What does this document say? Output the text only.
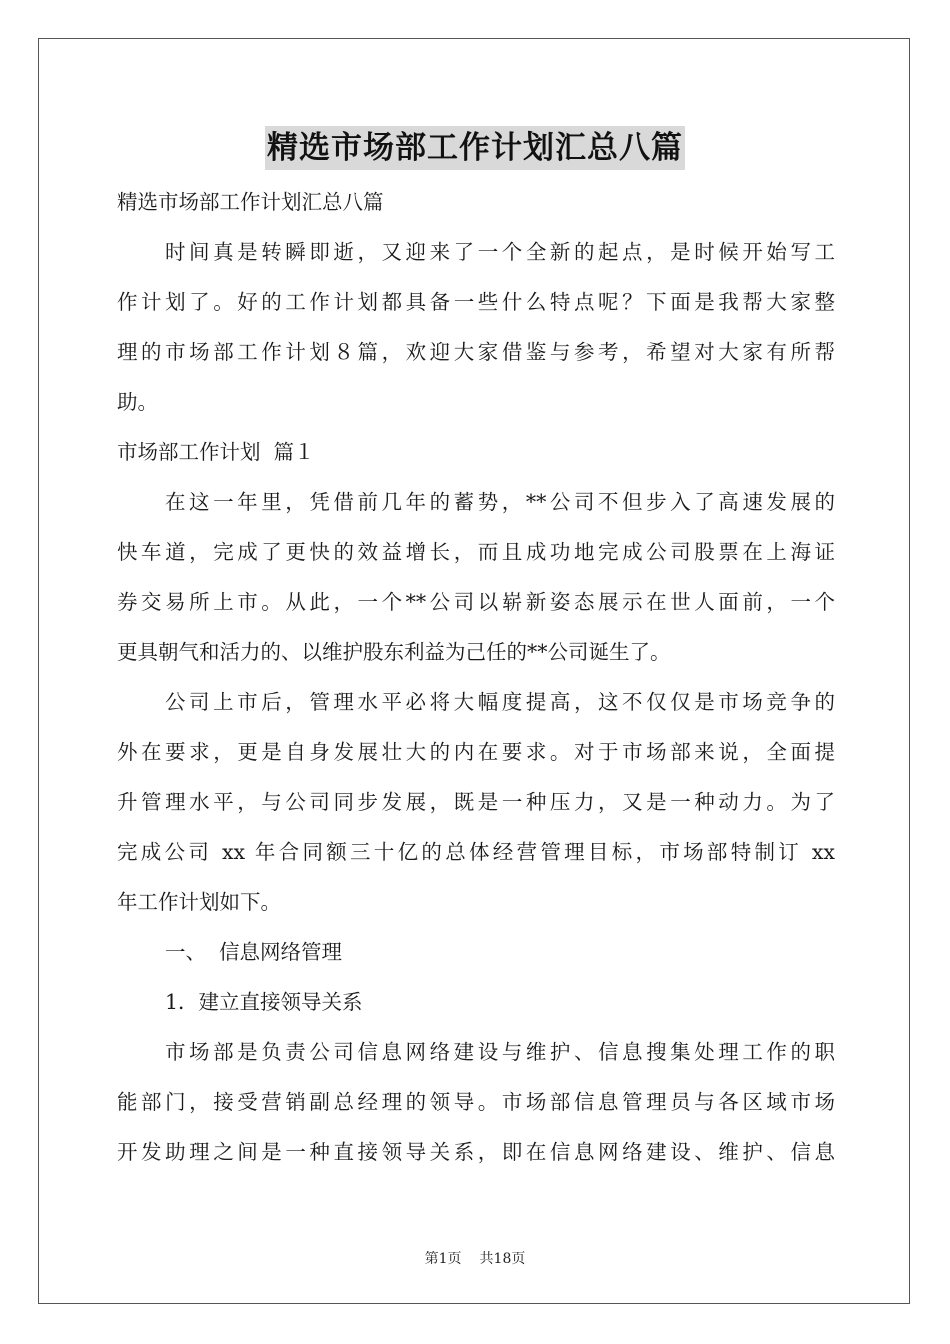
精选市场部工作计划汇总八篇
精选市场部工作计划汇总八篇
时间真是转瞬即逝，又迎来了一个全新的起点，是时候开始写工
作计划了。好的工作计划都具备一些什么特点呢？下面是我帮大家整
理的市场部工作计划８篇，欢迎大家借鉴与参考，希望对大家有所帮
助。
市场部工作计划  篇１
在这一年里，凭借前几年的蓄势，**公司不但步入了高速发展的
快车道，完成了更快的效益增长，而且成功地完成公司股票在上海证
券交易所上市。从此，一个**公司以崭新姿态展示在世人面前，一个
更具朝气和活力的、以维护股东利益为己任的**公司诞生了。
公司上市后，管理水平必将大幅度提高，这不仅仅是市场竞争的
外在要求，更是自身发展壮大的内在要求。对于市场部来说，全面提
升管理水平，与公司同步发展，既是一种压力，又是一种动力。为了
完成公司 xx 年合同额三十亿的总体经营管理目标，市场部特制订 xx
年工作计划如下。
一、  信息网络管理
1．建立直接领导关系
市场部是负责公司信息网络建设与维护、信息搜集处理工作的职
能部门，接受营销副总经理的领导。市场部信息管理员与各区域市场
开发助理之间是一种直接领导关系，即在信息网络建设、维护、信息
第1页 共18页
